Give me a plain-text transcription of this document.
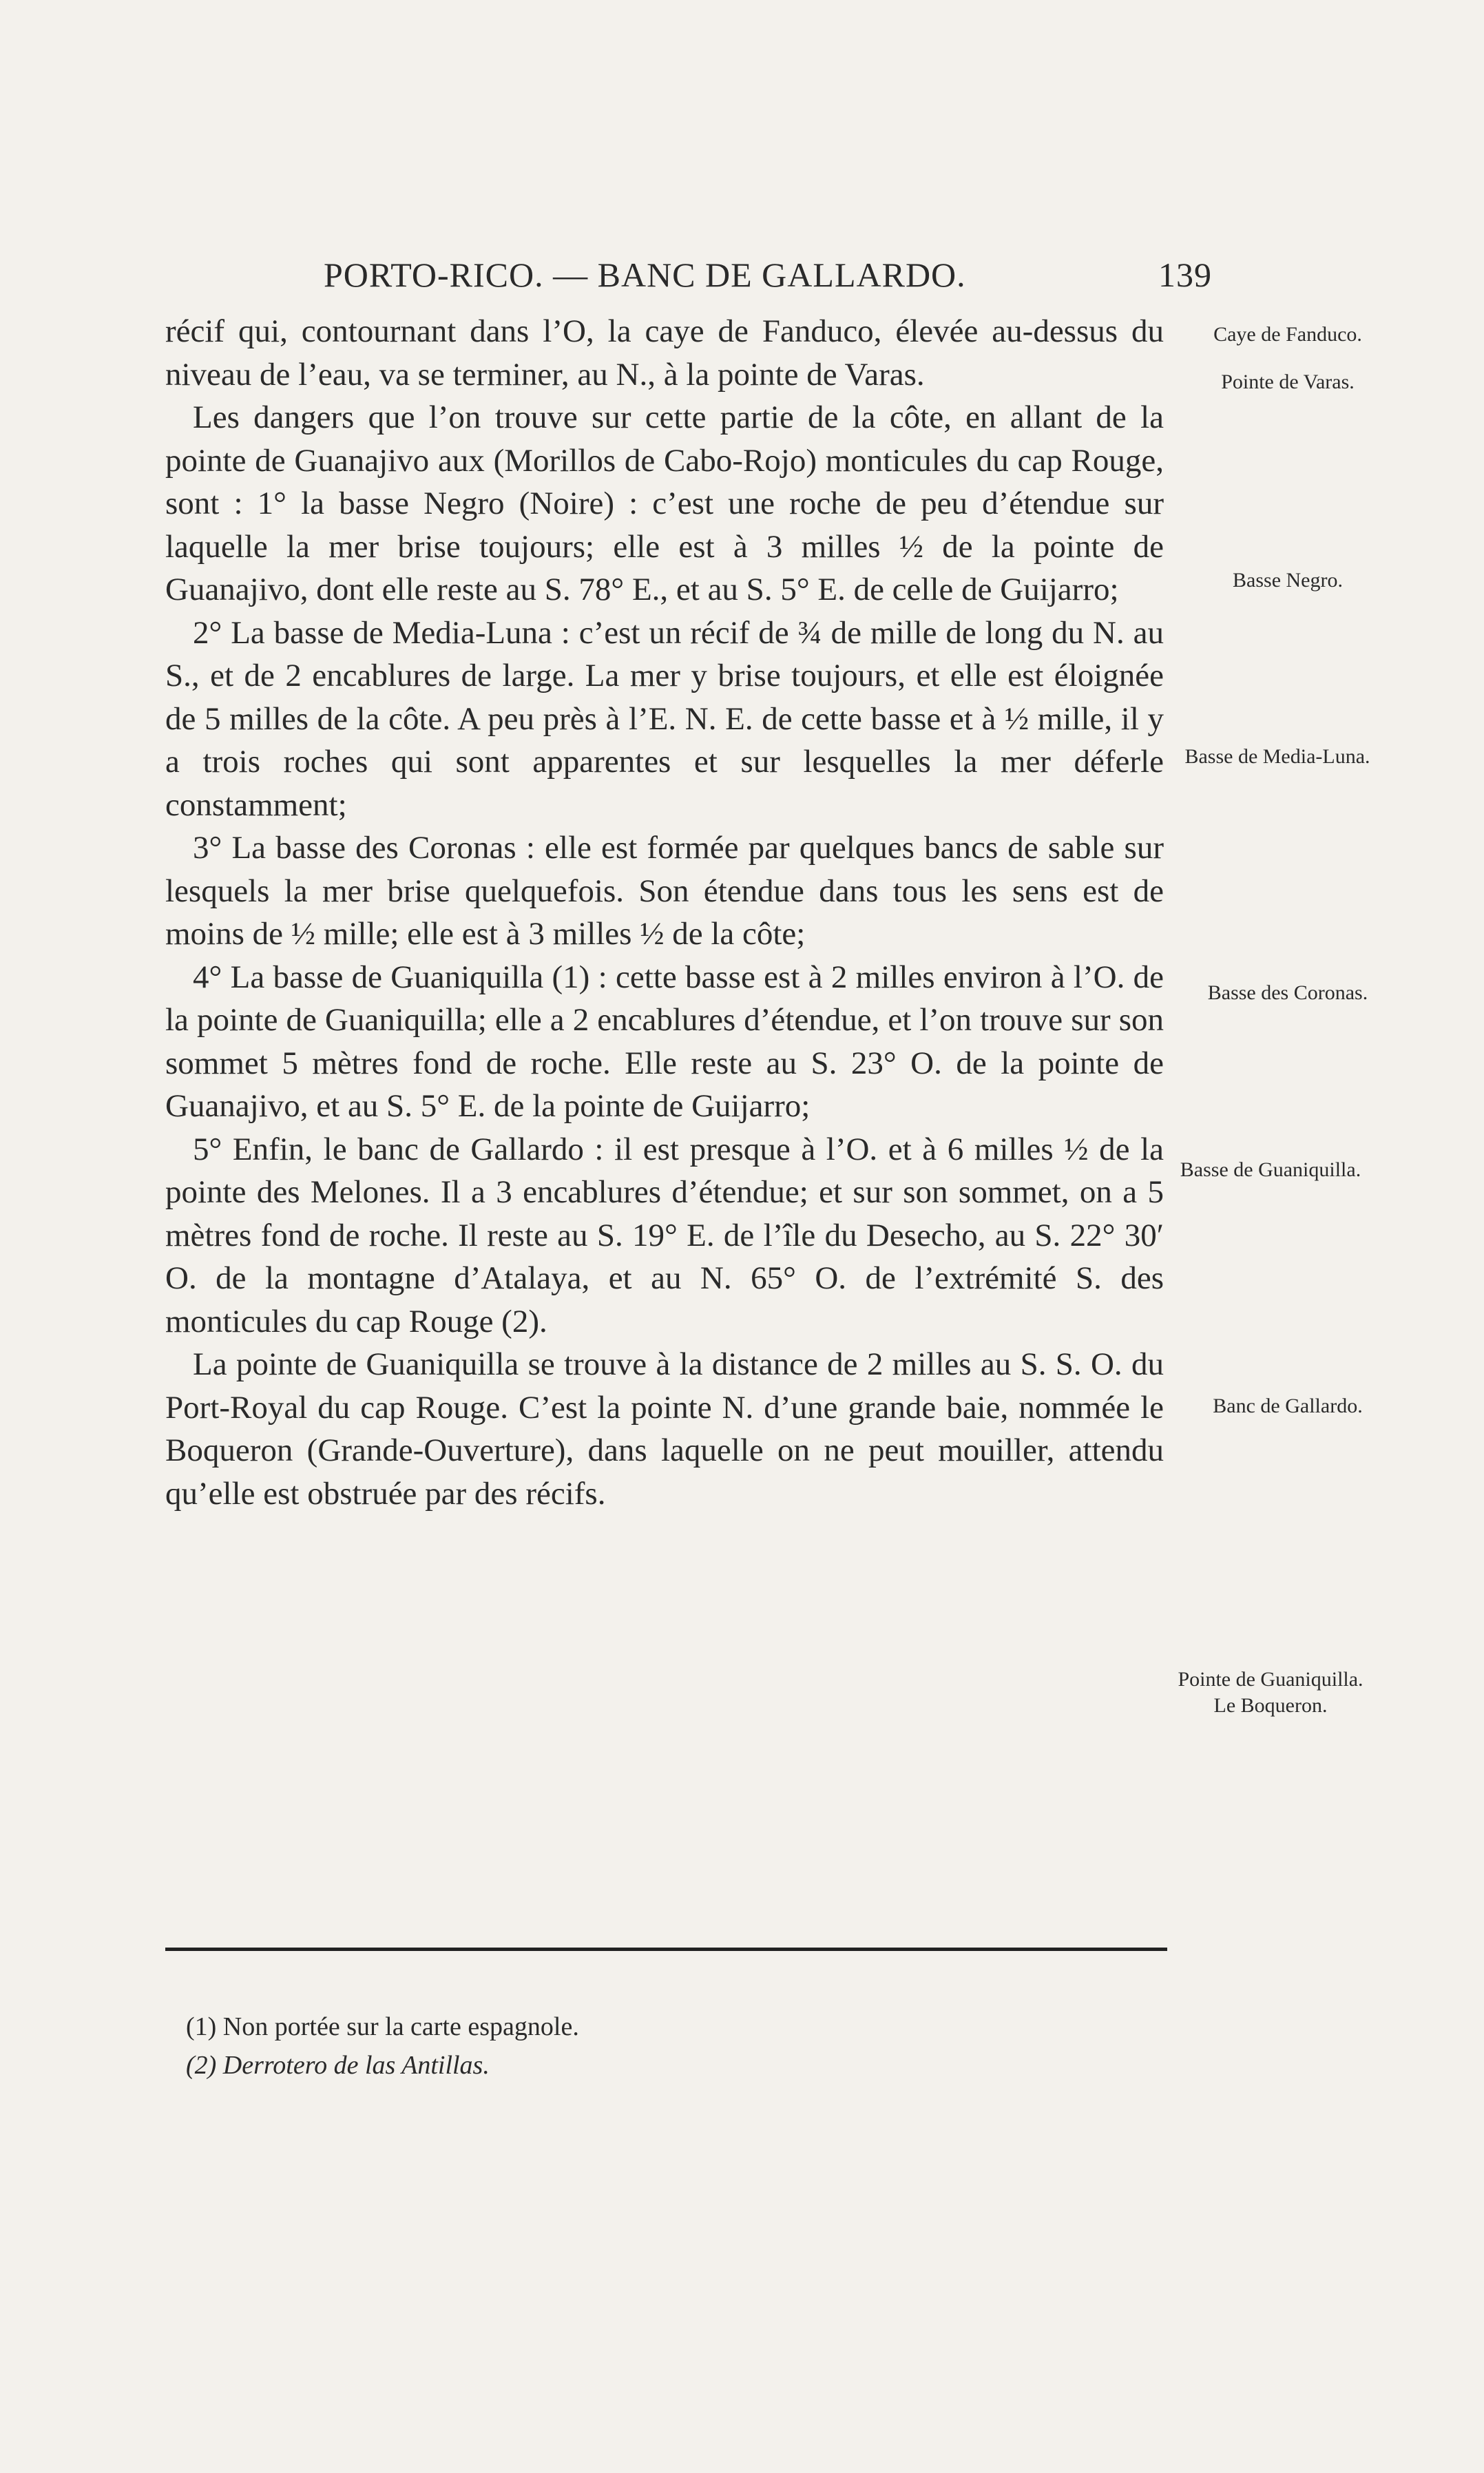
PORTO-RICO. — BANC DE GALLARDO.	139

récif qui, contournant dans l’O, la caye de Fanduco, élevée au-dessus du niveau de l’eau, va se terminer, au N., à la pointe de Varas.

Les dangers que l’on trouve sur cette partie de la côte, en allant de la pointe de Guanajivo aux (Morillos de Cabo-Rojo) monticules du cap Rouge, sont : 1° la basse Negro (Noire) : c’est une roche de peu d’étendue sur laquelle la mer brise toujours; elle est à 3 milles ½ de la pointe de Guanajivo, dont elle reste au S. 78° E., et au S. 5° E. de celle de Guijarro;

2° La basse de Media-Luna : c’est un récif de ¾ de mille de long du N. au S., et de 2 encablures de large. La mer y brise toujours, et elle est éloignée de 5 milles de la côte. A peu près à l’E. N. E. de cette basse et à ½ mille, il y a trois roches qui sont apparentes et sur lesquelles la mer déferle constamment;

3° La basse des Coronas : elle est formée par quelques bancs de sable sur lesquels la mer brise quelquefois. Son étendue dans tous les sens est de moins de ½ mille; elle est à 3 milles ½ de la côte;

4° La basse de Guaniquilla (1) : cette basse est à 2 milles environ à l’O. de la pointe de Guaniquilla; elle a 2 encablures d’étendue, et l’on trouve sur son sommet 5 mètres fond de roche. Elle reste au S. 23° O. de la pointe de Guanajivo, et au S. 5° E. de la pointe de Guijarro;

5° Enfin, le banc de Gallardo : il est presque à l’O. et à 6 milles ½ de la pointe des Melones. Il a 3 encablures d’étendue; et sur son sommet, on a 5 mètres fond de roche. Il reste au S. 19° E. de l’île du Desecho, au S. 22° 30′ O. de la montagne d’Atalaya, et au N. 65° O. de l’extrémité S. des monticules du cap Rouge (2).

La pointe de Guaniquilla se trouve à la distance de 2 milles au S. S. O. du Port-Royal du cap Rouge. C’est la pointe N. d’une grande baie, nommée le Boqueron (Grande-Ouverture), dans laquelle on ne peut mouiller, attendu qu’elle est obstruée par des récifs.

Caye de Fanduco.
Pointe de Varas.
Basse Negro.
Basse de Media-Luna.
Basse des Coronas.
Basse de Guaniquilla.
Banc de Gallardo.
Pointe de Guaniquilla. Le Boqueron.
(1) Non portée sur la carte espagnole.
(2) Derrotero de las Antillas.
